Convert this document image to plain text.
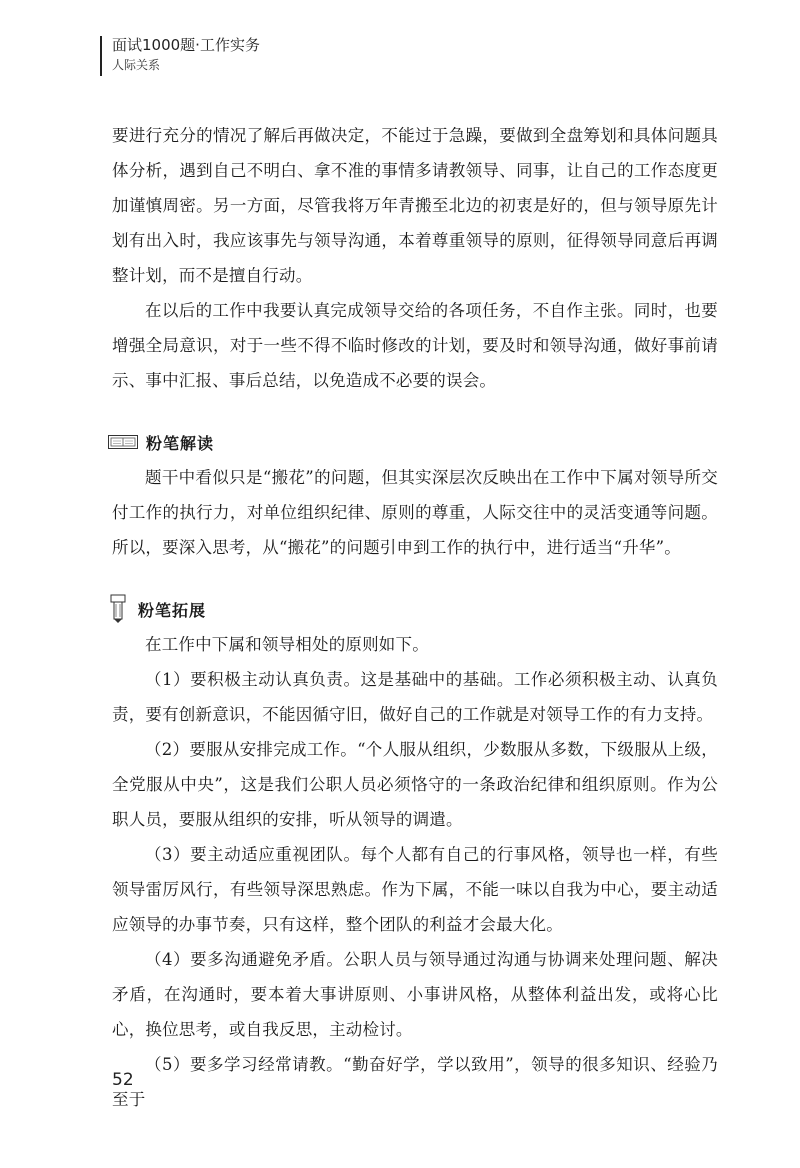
面试1000题·工作实务
人际关系

要进行充分的情况了解后再做决定，不能过于急躁，要做到全盘筹划和具体问题具体分析，遇到自己不明白、拿不准的事情多请教领导、同事，让自己的工作态度更加谨慎周密。另一方面，尽管我将万年青搬至北边的初衷是好的，但与领导原先计划有出入时，我应该事先与领导沟通，本着尊重领导的原则，征得领导同意后再调整计划，而不是擅自行动。

在以后的工作中我要认真完成领导交给的各项任务，不自作主张。同时，也要增强全局意识，对于一些不得不临时修改的计划，要及时和领导沟通，做好事前请示、事中汇报、事后总结，以免造成不必要的误会。

粉笔解读

题干中看似只是“搬花”的问题，但其实深层次反映出在工作中下属对领导所交付工作的执行力，对单位组织纪律、原则的尊重，人际交往中的灵活变通等问题。所以，要深入思考，从“搬花”的问题引申到工作的执行中，进行适当“升华”。

粉笔拓展

在工作中下属和领导相处的原则如下。

（1）要积极主动认真负责。这是基础中的基础。工作必须积极主动、认真负责，要有创新意识，不能因循守旧，做好自己的工作就是对领导工作的有力支持。

（2）要服从安排完成工作。“个人服从组织，少数服从多数，下级服从上级，全党服从中央”，这是我们公职人员必须恪守的一条政治纪律和组织原则。作为公职人员，要服从组织的安排，听从领导的调遣。

（3）要主动适应重视团队。每个人都有自己的行事风格，领导也一样，有些领导雷厉风行，有些领导深思熟虑。作为下属，不能一味以自我为中心，要主动适应领导的办事节奏，只有这样，整个团队的利益才会最大化。

（4）要多沟通避免矛盾。公职人员与领导通过沟通与协调来处理问题、解决矛盾，在沟通时，要本着大事讲原则、小事讲风格，从整体利益出发，或将心比心，换位思考，或自我反思，主动检讨。

（5）要多学习经常请教。“勤奋好学，学以致用”，领导的很多知识、经验乃至于

52
